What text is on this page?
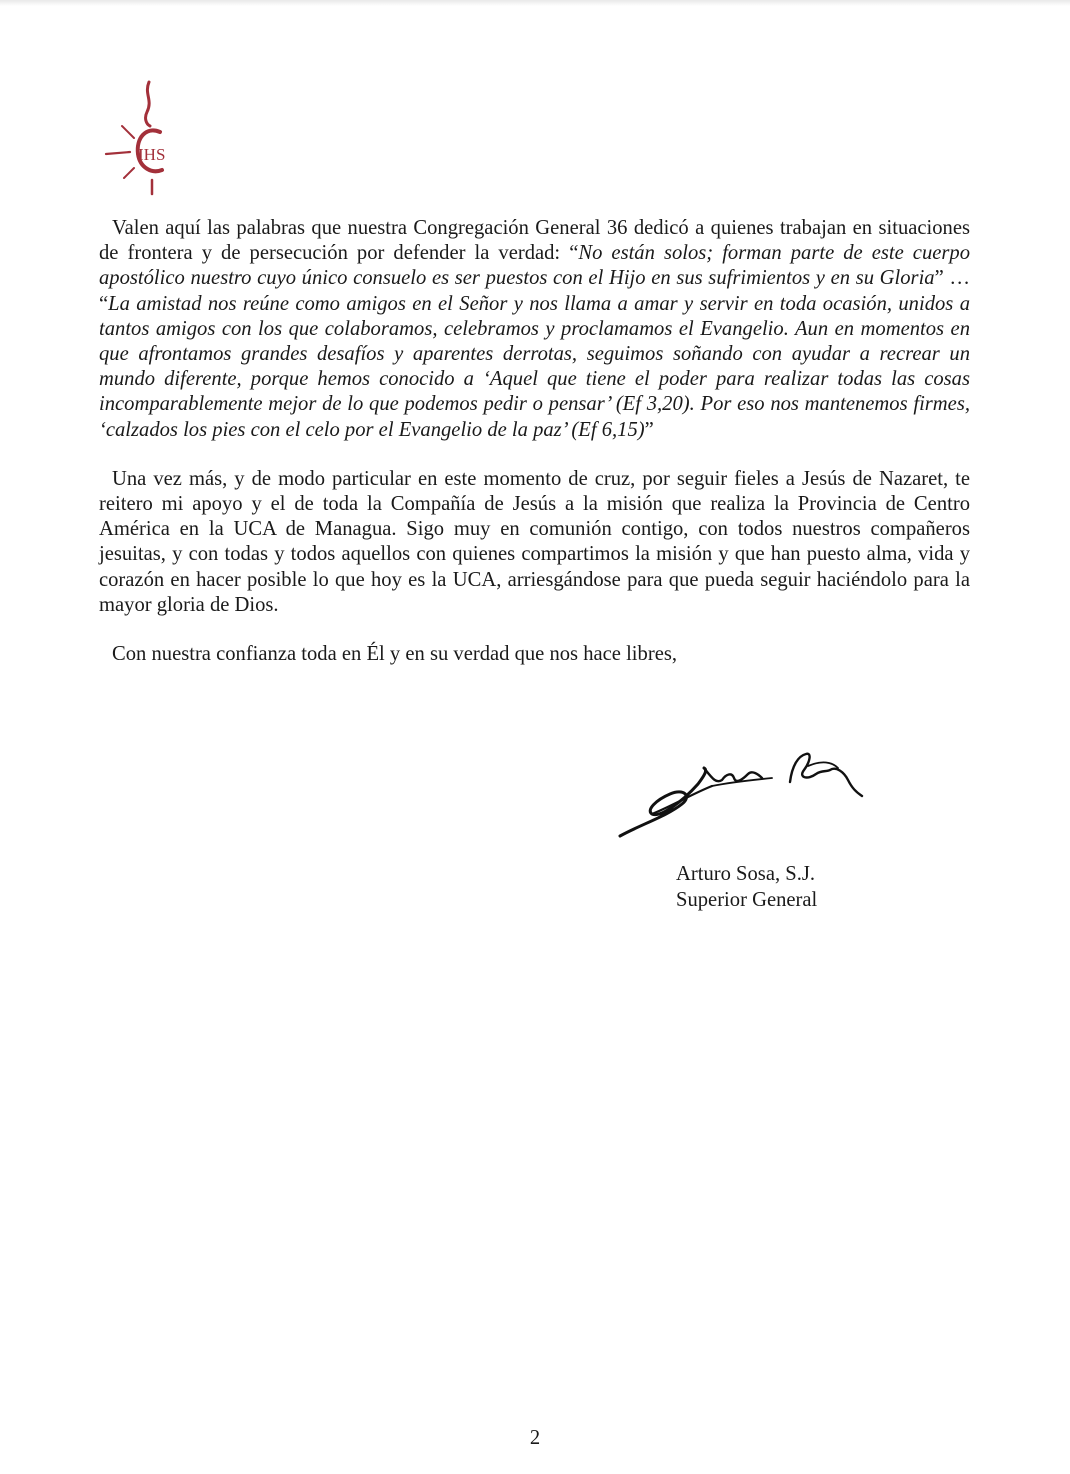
IHS

Valen aquí las palabras que nuestra Congregación General 36 dedicó a quienes trabajan en situaciones de frontera y de persecución por defender la verdad: “No están solos; forman parte de este cuerpo apostólico nuestro cuyo único consuelo es ser puestos con el Hijo en sus sufrimientos y en su Gloria” … “La amistad nos reúne como amigos en el Señor y nos llama a amar y servir en toda ocasión, unidos a tantos amigos con los que colaboramos, celebramos y proclamamos el Evangelio. Aun en momentos en que afrontamos grandes desafíos y aparentes derrotas, seguimos soñando con ayudar a recrear un mundo diferente, porque hemos conocido a ‘Aquel que tiene el poder para realizar todas las cosas incomparablemente mejor de lo que podemos pedir o pensar’ (Ef 3,20). Por eso nos mantenemos firmes, ‘calzados los pies con el celo por el Evangelio de la paz’ (Ef 6,15)”

Una vez más, y de modo particular en este momento de cruz, por seguir fieles a Jesús de Nazaret, te reitero mi apoyo y el de toda la Compañía de Jesús a la misión que realiza la Provincia de Centro América en la UCA de Managua. Sigo muy en comunión contigo, con todos nuestros compañeros jesuitas, y con todas y todos aquellos con quienes compartimos la misión y que han puesto alma, vida y corazón en hacer posible lo que hoy es la UCA, arriesgándose para que pueda seguir haciéndolo para la mayor gloria de Dios.

Con nuestra confianza toda en Él y en su verdad que nos hace libres,

Arturo Sosa, S.J.
Superior General
2
